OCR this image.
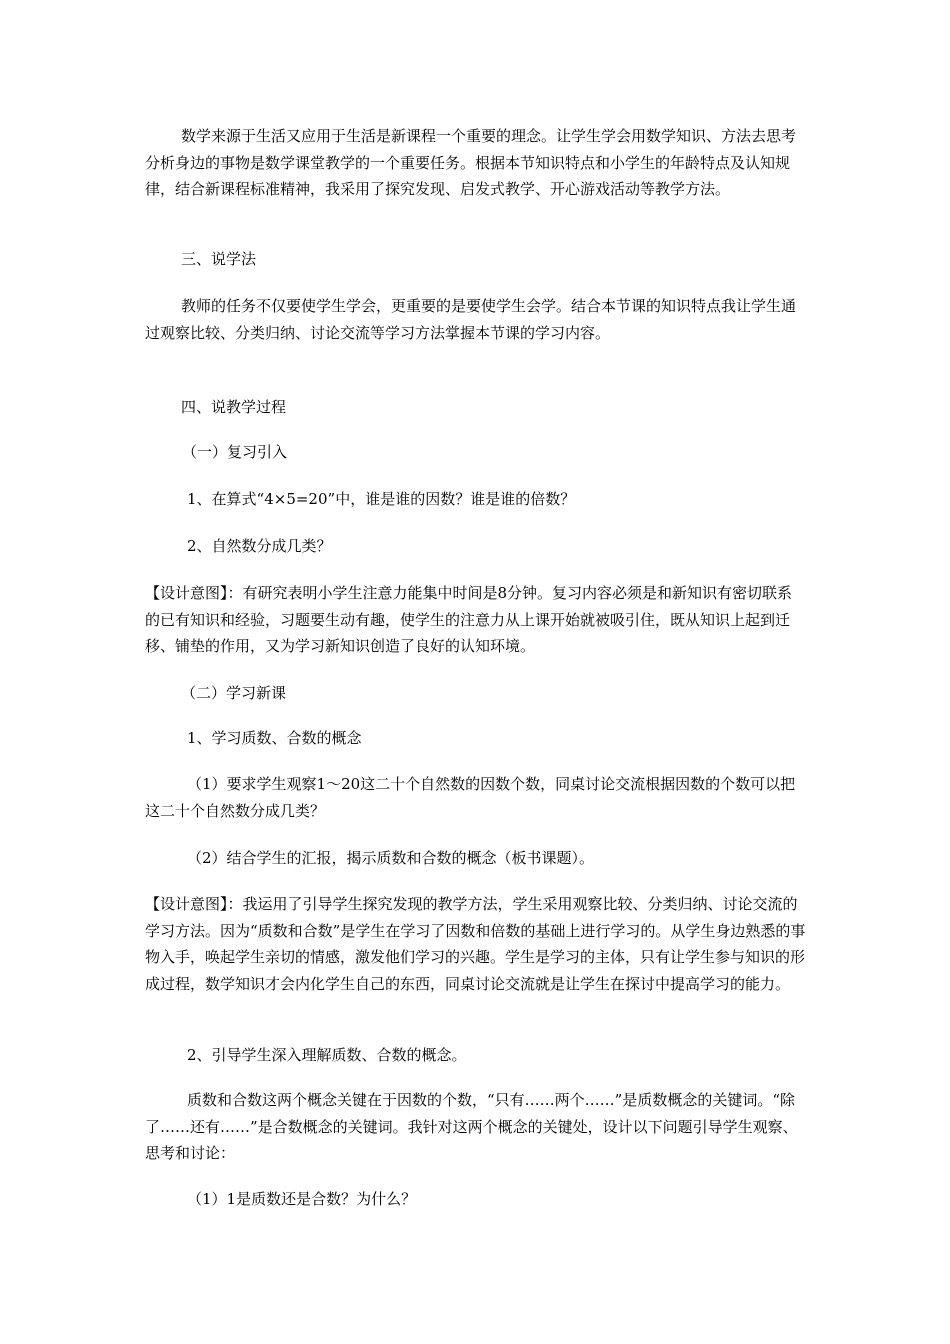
数学来源于生活又应用于生活是新课程一个重要的理念。让学生学会用数学知识、方法去思考分析身边的事物是数学课堂教学的一个重要任务。根据本节知识特点和小学生的年龄特点及认知规律，结合新课程标准精神，我采用了探究发现、启发式教学、开心游戏活动等教学方法。

三、说学法

教师的任务不仅要使学生学会，更重要的是要使学生会学。结合本节课的知识特点我让学生通过观察比较、分类归纳、讨论交流等学习方法掌握本节课的学习内容。

四、说教学过程

（一）复习引入

1、在算式“4×5=20”中，谁是谁的因数？谁是谁的倍数？

2、自然数分成几类？

【设计意图】：有研究表明小学生注意力能集中时间是8分钟。复习内容必须是和新知识有密切联系的已有知识和经验，习题要生动有趣，使学生的注意力从上课开始就被吸引住，既从知识上起到迁移、铺垫的作用，又为学习新知识创造了良好的认知环境。

（二）学习新课

1、学习质数、合数的概念

（1）要求学生观察1～20这二十个自然数的因数个数，同桌讨论交流根据因数的个数可以把这二十个自然数分成几类？

（2）结合学生的汇报，揭示质数和合数的概念（板书课题）。

【设计意图】：我运用了引导学生探究发现的教学方法，学生采用观察比较、分类归纳、讨论交流的学习方法。因为“质数和合数”是学生在学习了因数和倍数的基础上进行学习的。从学生身边熟悉的事物入手，唤起学生亲切的情感，激发他们学习的兴趣。学生是学习的主体，只有让学生参与知识的形成过程，数学知识才会内化学生自己的东西，同桌讨论交流就是让学生在探讨中提高学习的能力。

2、引导学生深入理解质数、合数的概念。

质数和合数这两个概念关键在于因数的个数，“只有……两个……”是质数概念的关键词。“除了……还有……”是合数概念的关键词。我针对这两个概念的关键处，设计以下问题引导学生观察、思考和讨论：

（1）1是质数还是合数？为什么？
